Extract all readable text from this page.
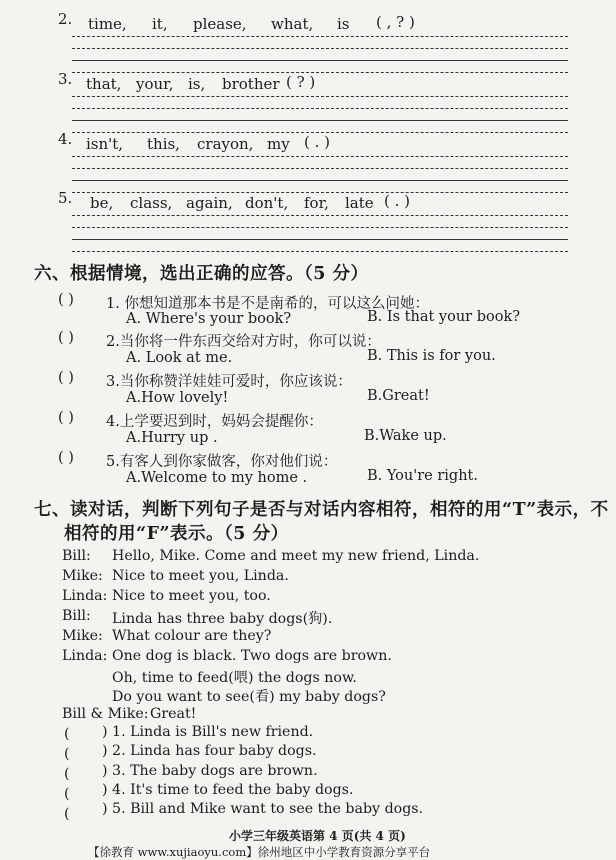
2. time, it, please, what, is ( , ? )
3. that, your, is, brother ( ? )
4. isn't, this, crayon, my ( . )
5. be, class, again, don't, for, late ( . )
六、根据情境，选出正确的应答。（5 分）
( ) 1. 你想知道那本书是不是南希的，可以这么问她：
A. Where's your book?	B. Is that your book?
( ) 2.当你将一件东西交给对方时，你可以说：
A. Look at me.	B. This is for you.
( ) 3.当你称赞洋娃娃可爱时，你应该说：
A.How lovely!	B.Great!
( ) 4.上学要迟到时，妈妈会提醒你：
A.Hurry up .	B.Wake up.
( ) 5.有客人到你家做客，你对他们说：
A.Welcome to my home .	B. You're right.
七、读对话，判断下列句子是否与对话内容相符，相符的用“T”表示，不
相符的用“F”表示。（5 分）
Bill: Hello, Mike. Come and meet my new friend, Linda.
Mike: Nice to meet you, Linda.
Linda: Nice to meet you, too.
Bill: Linda has three baby dogs(狗).
Mike: What colour are they?
Linda: One dog is black. Two dogs are brown.
Oh, time to feed(喂) the dogs now.
Do you want to see(看) my baby dogs?
Bill & Mike: Great!
( ) 1. Linda is Bill's new friend.
( ) 2. Linda has four baby dogs.
( ) 3. The baby dogs are brown.
( ) 4. It's time to feed the baby dogs.
( ) 5. Bill and Mike want to see the baby dogs.
小学三年级英语第 4 页(共 4 页)
【徐教育 www.xujiaoyu.com】徐州地区中小学教育资源分享平台
